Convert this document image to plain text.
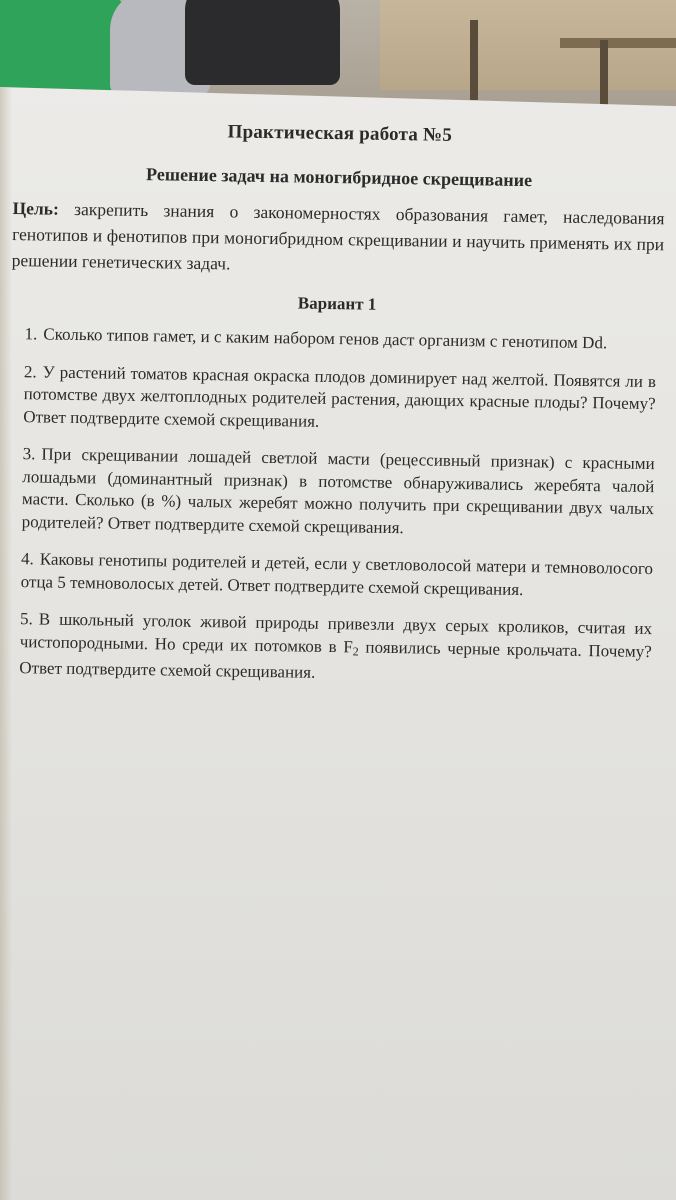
Практическая работа №5
Решение задач на моногибридное скрещивание

Цель: закрепить знания о закономерностях образования гамет, наследования генотипов и фенотипов при моногибридном скрещивании и научить применять их при решении генетических задач.

Вариант 1
1. Сколько типов гамет, и с каким набором генов даст организм с генотипом Dd.
2. У растений томатов красная окраска плодов доминирует над желтой. Появятся ли в потомстве двух желтоплодных родителей растения, дающих красные плоды? Почему? Ответ подтвердите схемой скрещивания.
3. При скрещивании лошадей светлой масти (рецессивный признак) с красными лошадьми (доминантный признак) в потомстве обнаруживались жеребята чалой масти. Сколько (в %) чалых жеребят можно получить при скрещивании двух чалых родителей? Ответ подтвердите схемой скрещивания.
4. Каковы генотипы родителей и детей, если у светловолосой матери и темноволосого отца 5 темноволосых детей. Ответ подтвердите схемой скрещивания.
5. В школьный уголок живой природы привезли двух серых кроликов, считая их чистопородными. Но среди их потомков в $F_2$ появились черные крольчата. Почему? Ответ подтвердите схемой скрещивания.
